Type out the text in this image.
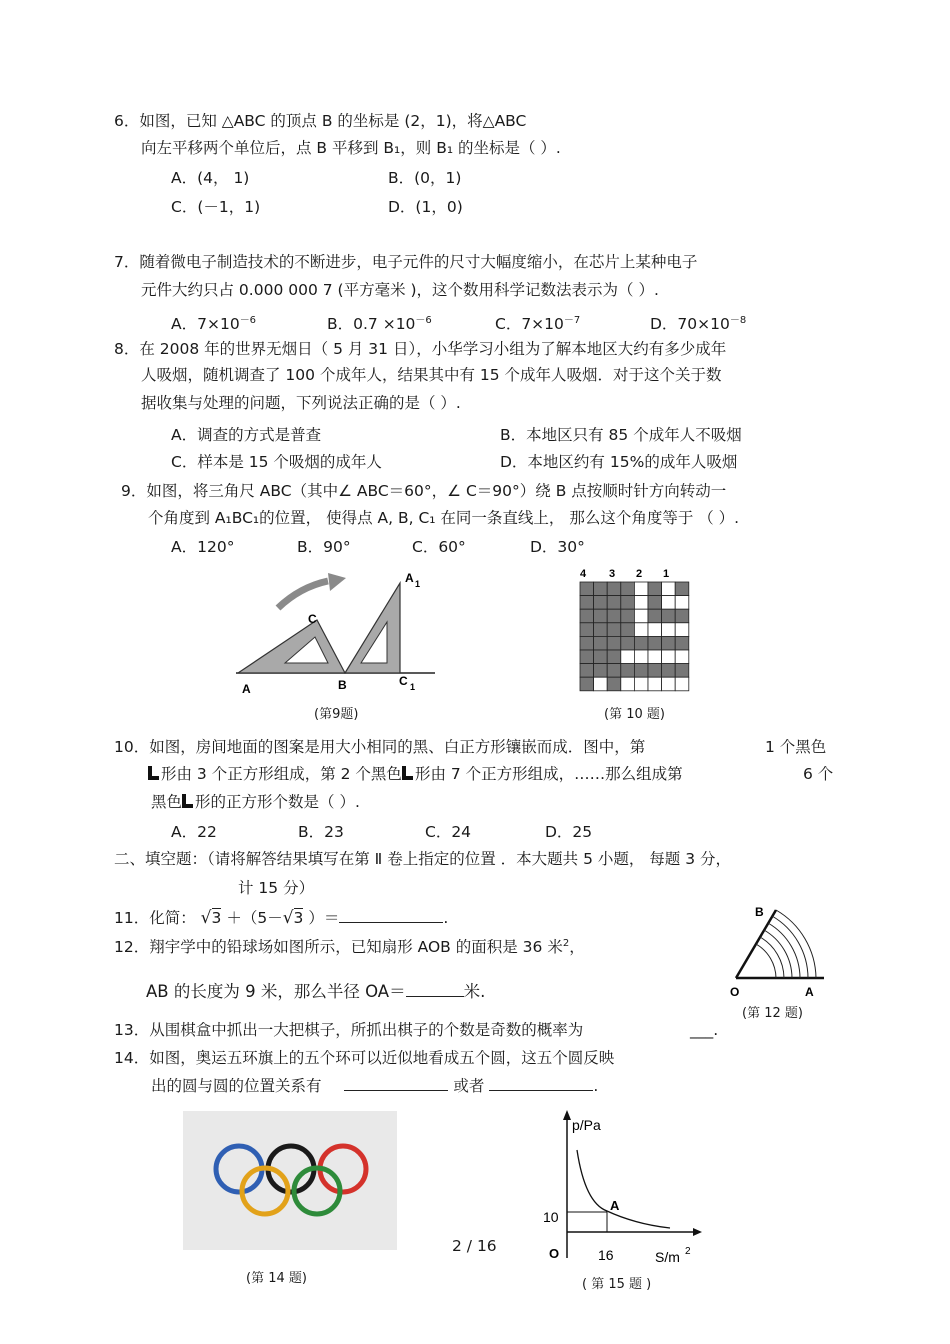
6．如图，已知 △ABC 的顶点 B 的坐标是 (2，1)，将△ABC
向左平移两个单位后，点 B 平移到 B₁，则 B₁ 的坐标是（ ）.
A．(4， 1)	B．(0，1)
C．(－1，1)	D．(1，0)
7．随着微电子制造技术的不断进步，电子元件的尺寸大幅度缩小，在芯片上某种电子
元件大约只占 0.000 000 7 (平方毫米 )，这个数用科学记数法表示为（ ）.
A．$7\times 10^{-6}$	B．$0.7 \times 10^{-6}$	C．$7\times 10^{-7}$	D．$70\times 10^{-8}$
8．在 2008 年的世界无烟日（ 5 月 31 日），小华学习小组为了解本地区大约有多少成年
人吸烟，随机调查了 100 个成年人，结果其中有 15 个成年人吸烟．对于这个关于数
据收集与处理的问题，下列说法正确的是（ ）.
A．调查的方式是普查	B．本地区只有 85 个成年人不吸烟
C．样本是 15 个吸烟的成年人	D．本地区约有 15%的成年人吸烟
9．如图，将三角尺 ABC（其中∠ ABC＝60°，∠ C＝90°）绕 B 点按顺时针方向转动一
个角度到 A₁BC₁的位置， 使得点 A, B, C₁ 在同一条直线上， 那么这个角度等于 （ ）.
A．120°	B．90°	C．60°	D．30°
A	B
C
A 1
C 1
(第9题)
4 3 2 1
(第 10 题)
10．如图，房间地面的图案是用大小相同的黑、白正方形镶嵌而成．图中，第	1 个黑色
形由 3 个正方形组成，第 2 个黑色 形由 7 个正方形组成，……那么组成第	6 个
黑色 形的正方形个数是（ ）.
A．22	B．23	C．24	D．25
二、填空题：（请将解答结果填写在第 Ⅱ 卷上指定的位置 ．本大题共 5 小题， 每题 3 分，
计 15 分）
11．化简： √3 ＋（5－√3 ）＝	.
12．翔宇学中的铅球场如图所示，已知扇形 AOB 的面积是 36 米$^2$，
AB 的长度为 9 米，那么半径 OA＝	米.
B
O	A
(第 12 题)
13．从围棋盒中抓出一大把棋子，所抓出棋子的个数是奇数的概率为	___.
14．如图，奥运五环旗上的五个环可以近似地看成五个圆，这五个圆反映
出的圆与圆的位置关系有	或者	.
(第 14 题)
2 / 16
p/Pa
A
10
O	16	S/m 2
( 第 15 题 )
